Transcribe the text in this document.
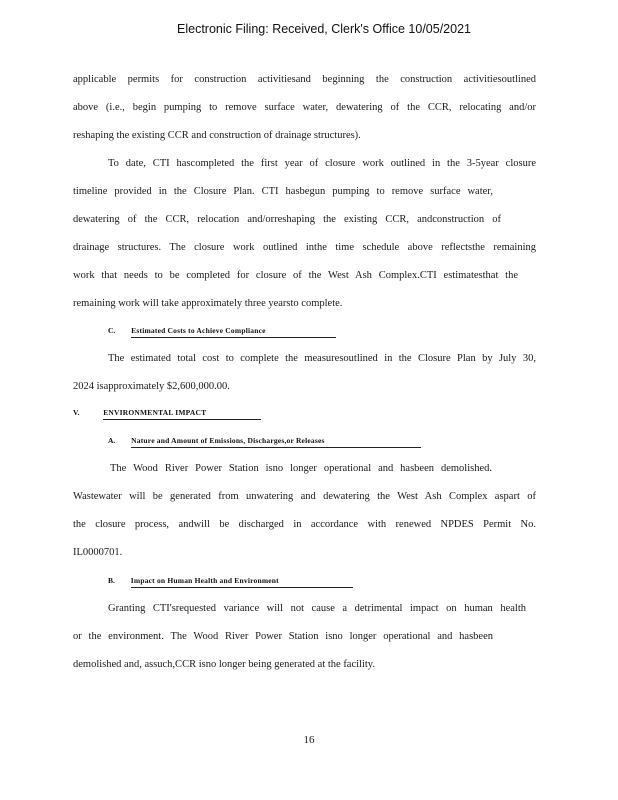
Electronic Filing: Received, Clerk's Office 10/05/2021
applicable permits for construction activitiesand beginning the construction activitiesoutlined
above (i.e., begin pumping to remove surface water, dewatering of the CCR, relocating and/or
reshaping the existing CCR and construction of drainage structures).
To date, CTI hascompleted the first year of closure work outlined in the 3-5year closure
timeline provided in the Closure Plan. CTI hasbegun pumping to remove surface water,
dewatering of the CCR, relocation and/orreshaping the existing CCR, andconstruction of
drainage structures. The closure work outlined inthe time schedule above reflectsthe remaining
work that needs to be completed for closure of the West Ash Complex.CTI estimatesthat the
remaining work will take approximately three yearsto complete.
C. Estimated Costs to Achieve Compliance
The estimated total cost to complete the measuresoutlined in the Closure Plan by July 30,
2024 isapproximately $2,600,000.00.
V.	ENVIRONMENTAL IMPACT
A. Nature and Amount of Emissions, Discharges,or Releases
The Wood River Power Station isno longer operational and hasbeen demolished.
Wastewater will be generated from unwatering and dewatering the West Ash Complex aspart of
the closure process, andwill be discharged in accordance with renewed NPDES Permit No.
IL0000701.
B. Impact on Human Health and Environment
Granting CTI'srequested variance will not cause a detrimental impact on human health
or the environment. The Wood River Power Station isno longer operational and hasbeen
demolished and, assuch,CCR isno longer being generated at the facility.
16
